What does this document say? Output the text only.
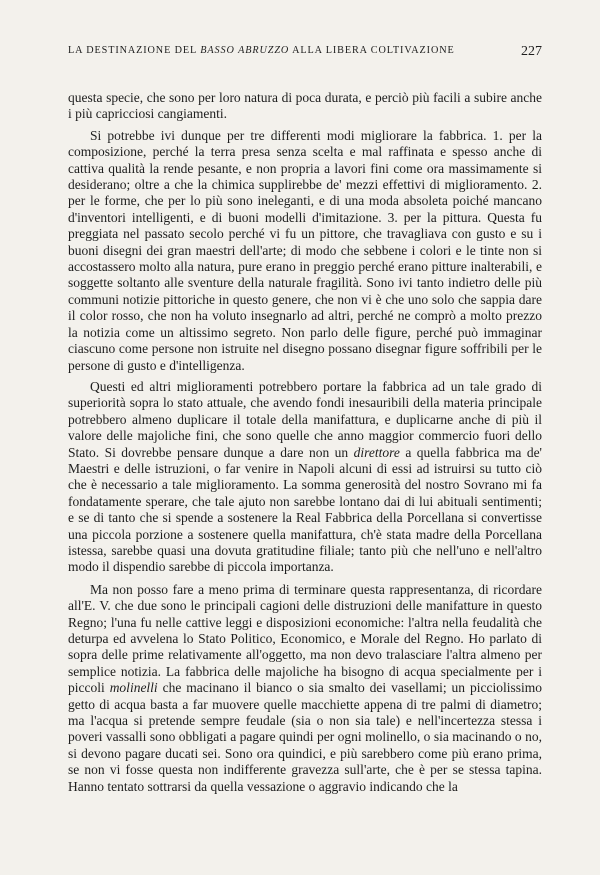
LA DESTINAZIONE DEL BASSO ABRUZZO ALLA LIBERA COLTIVAZIONE	227

questa specie, che sono per loro natura di poca durata, e perciò più facili a subire anche i più capricciosi cangiamenti.

Si potrebbe ivi dunque per tre differenti modi migliorare la fabbrica. 1. per la composizione, perché la terra presa senza scelta e mal raffinata e spesso anche di cattiva qualità la rende pesante, e non propria a lavori fini come ora massimamente si desiderano; oltre a che la chimica supplirebbe de' mezzi effettivi di miglioramento. 2. per le forme, che per lo più sono ineleganti, e di una moda absoleta poiché mancano d'inventori intelligenti, e di buoni modelli d'imitazione. 3. per la pittura. Questa fu preggiata nel passato secolo perché vi fu un pittore, che travagliava con gusto e su i buoni disegni dei gran maestri dell'arte; di modo che sebbene i colori e le tinte non si accostassero molto alla natura, pure erano in preggio perché erano pitture inalterabili, e soggette soltanto alle sventure della naturale fragilità. Sono ivi tanto indietro delle più communi notizie pittoriche in questo genere, che non vi è che uno solo che sappia dare il color rosso, che non ha voluto insegnarlo ad altri, perché ne comprò a molto prezzo la notizia come un altissimo segreto. Non parlo delle figure, perché può immaginar ciascuno come persone non istruite nel disegno possano disegnar figure soffribili per le persone di gusto e d'intelligenza.

Questi ed altri miglioramenti potrebbero portare la fabbrica ad un tale grado di superiorità sopra lo stato attuale, che avendo fondi inesauribili della materia principale potrebbero almeno duplicare il totale della manifattura, e duplicarne anche di più il valore delle majoliche fini, che sono quelle che anno maggior commercio fuori dello Stato. Si dovrebbe pensare dunque a dare non un direttore a quella fabbrica ma de' Maestri e delle istruzioni, o far venire in Napoli alcuni di essi ad istruirsi su tutto ciò che è necessario a tale miglioramento. La somma generosità del nostro Sovrano mi fa fondatamente sperare, che tale ajuto non sarebbe lontano dai di lui abituali sentimenti; e se di tanto che si spende a sostenere la Real Fabbrica della Porcellana si convertisse una piccola porzione a sostenere quella manifattura, ch'è stata madre della Porcellana istessa, sarebbe quasi una dovuta gratitudine filiale; tanto più che nell'uno e nell'altro modo il dispendio sarebbe di piccola importanza.

Ma non posso fare a meno prima di terminare questa rappresentanza, di ricordare all'E. V. che due sono le principali cagioni delle distruzioni delle manifatture in questo Regno; l'una fu nelle cattive leggi e disposizioni economiche: l'altra nella feudalità che deturpa ed avvelena lo Stato Politico, Economico, e Morale del Regno. Ho parlato di sopra delle prime relativamente all'oggetto, ma non devo tralasciare l'altra almeno per semplice notizia. La fabbrica delle majoliche ha bisogno di acqua specialmente per i piccoli molinelli che macinano il bianco o sia smalto dei vasellami; un picciolissimo getto di acqua basta a far muovere quelle macchiette appena di tre palmi di diametro; ma l'acqua si pretende sempre feudale (sia o non sia tale) e nell'incertezza stessa i poveri vassalli sono obbligati a pagare quindi per ogni molinello, o sia macinando o no, si devono pagare ducati sei. Sono ora quindici, e più sarebbero come più erano prima, se non vi fosse questa non indifferente gravezza sull'arte, che è per se stessa tapina. Hanno tentato sottrarsi da quella vessazione o aggravio indicando che la
